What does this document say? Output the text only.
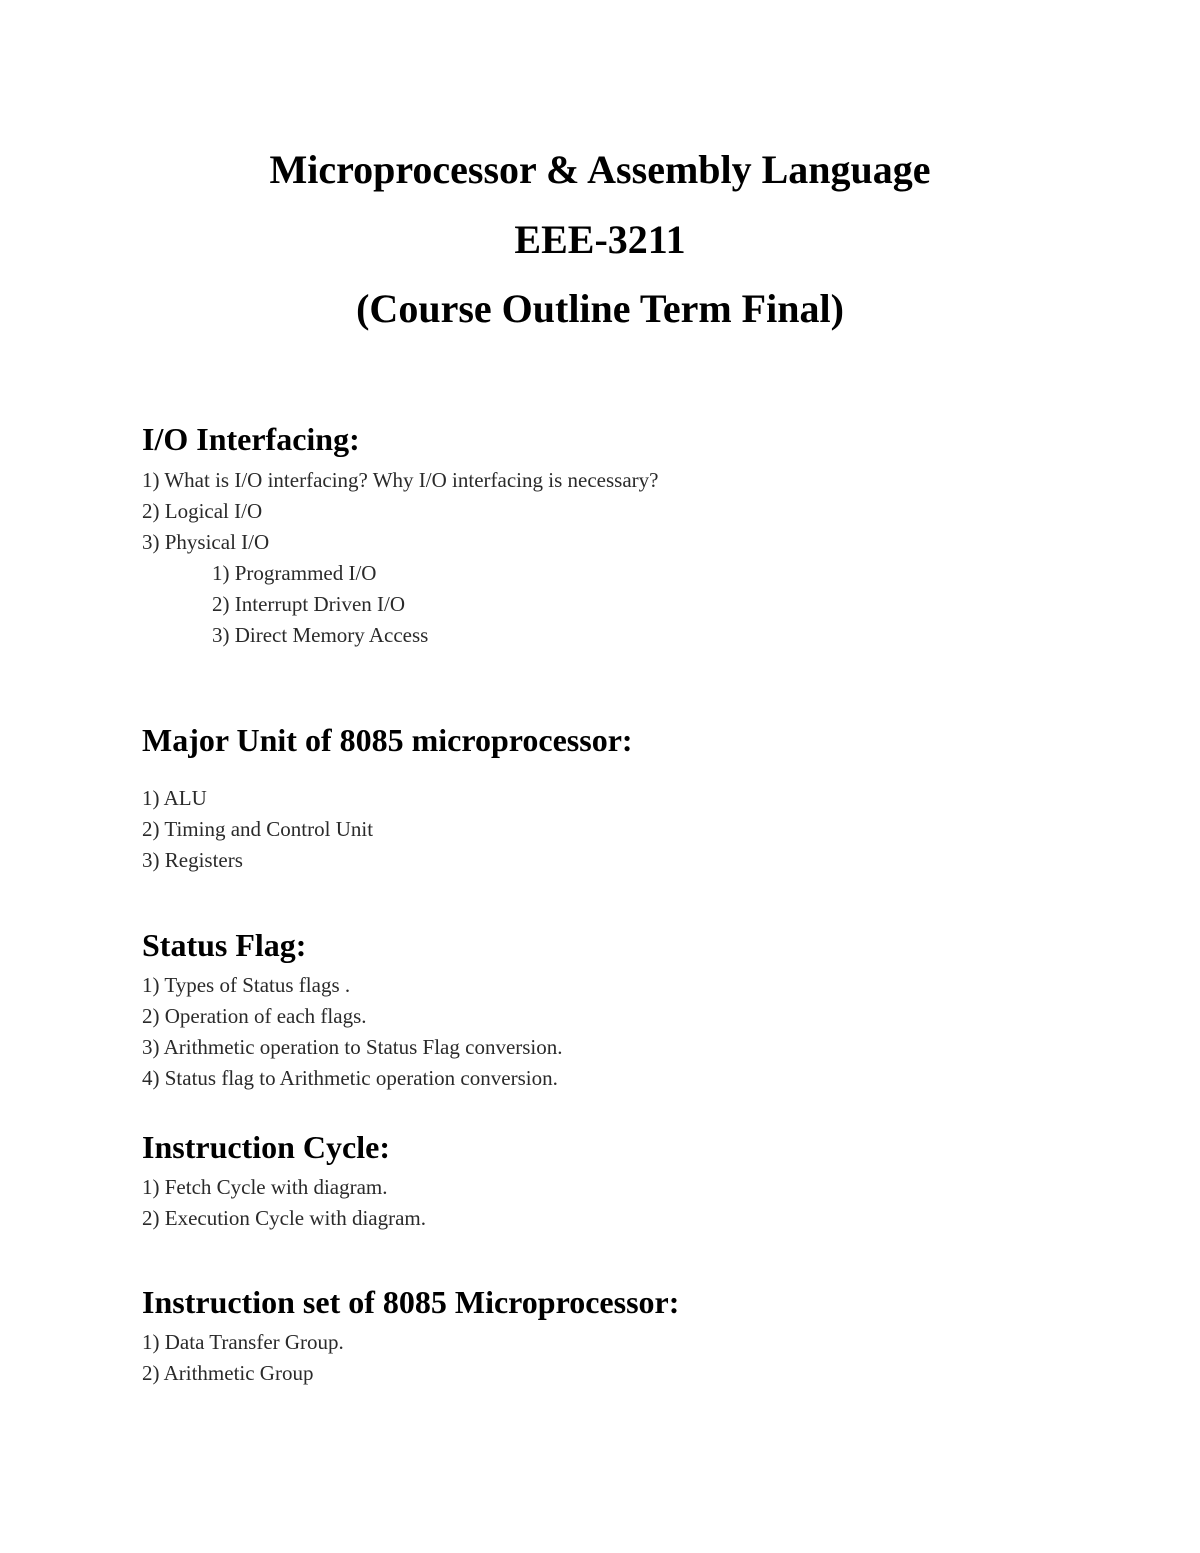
Microprocessor & Assembly Language
EEE-3211
(Course Outline Term Final)
I/O Interfacing:

1) What is I/O interfacing? Why I/O interfacing is necessary?

2) Logical I/O

3) Physical I/O

1) Programmed I/O

2) Interrupt Driven I/O

3) Direct Memory Access

Major Unit of 8085 microprocessor:

1) ALU

2) Timing and Control Unit

3) Registers

Status Flag:

1) Types of Status flags .

2) Operation of each flags.

3) Arithmetic operation to Status Flag conversion.

4) Status flag to Arithmetic operation conversion.

Instruction Cycle:

1) Fetch Cycle with diagram.

2) Execution Cycle with diagram.

Instruction set of 8085 Microprocessor:

1) Data Transfer Group.

2) Arithmetic Group
